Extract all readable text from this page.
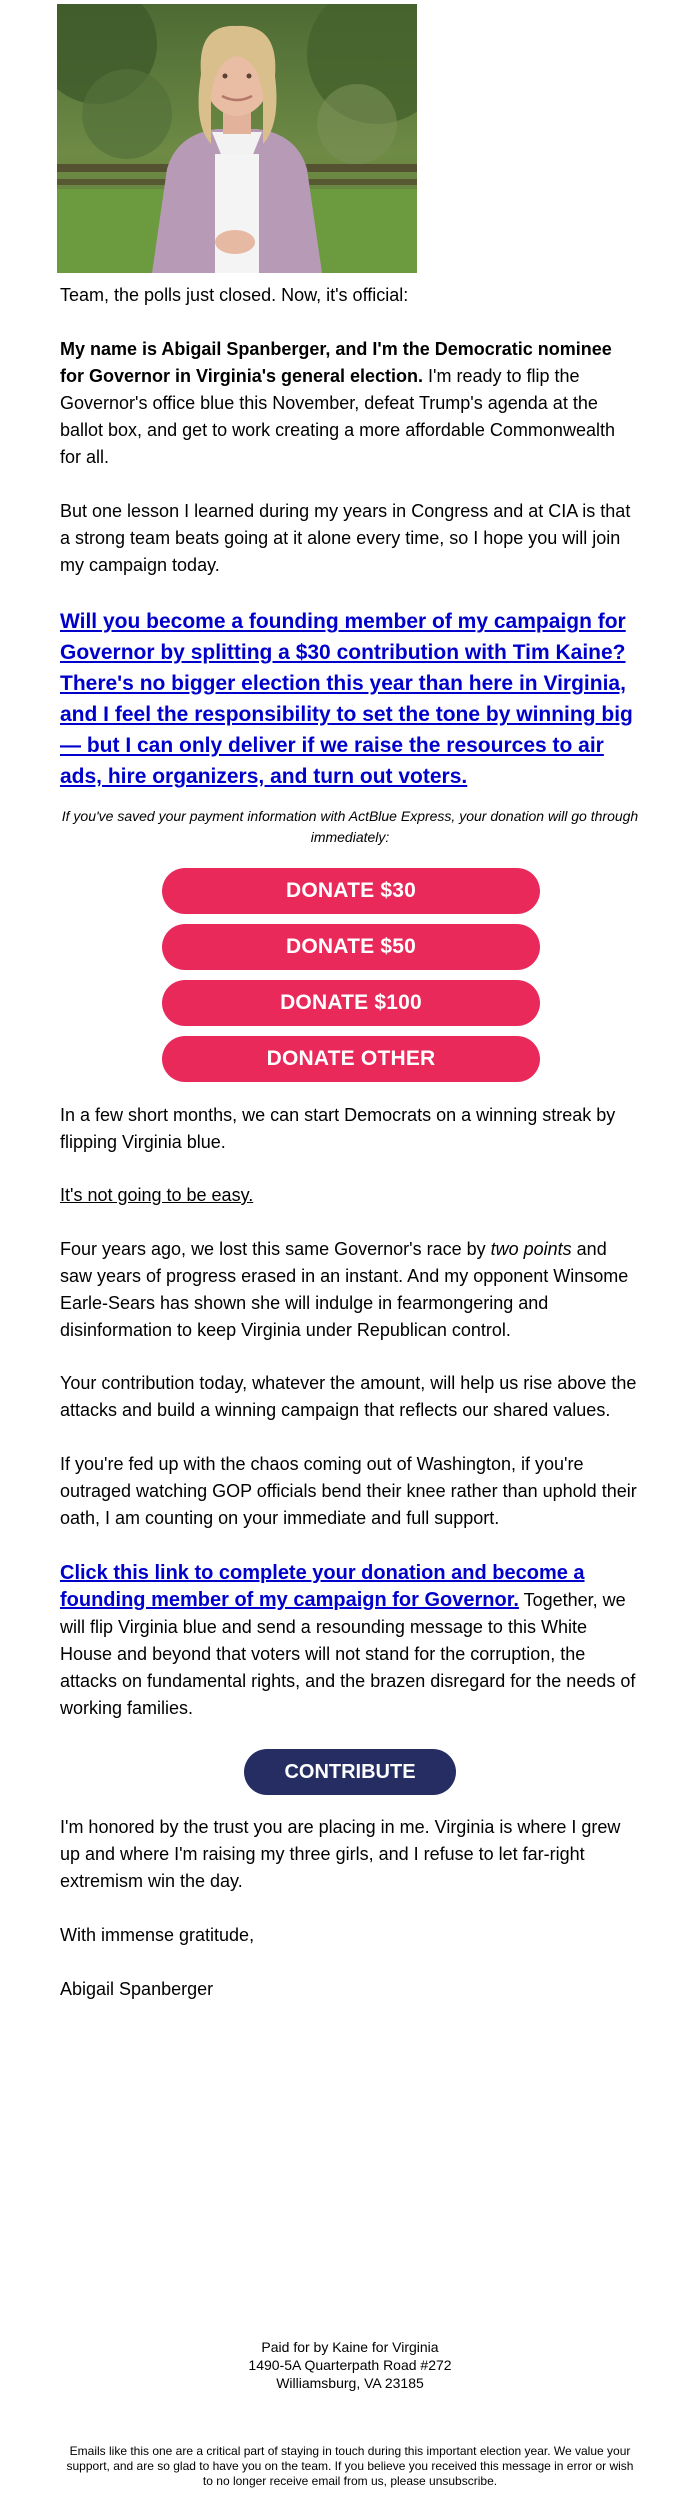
Team, the polls just closed. Now, it's official:

My name is Abigail Spanberger, and I'm the Democratic nominee for Governor in Virginia's general election. I'm ready to flip the Governor's office blue this November, defeat Trump's agenda at the ballot box, and get to work creating a more affordable Commonwealth for all.

But one lesson I learned during my years in Congress and at CIA is that a strong team beats going at it alone every time, so I hope you will join my campaign today.

Will you become a founding member of my campaign for Governor by splitting a $30 contribution with Tim Kaine? There's no bigger election this year than here in Virginia, and I feel the responsibility to set the tone by winning big — but I can only deliver if we raise the resources to air ads, hire organizers, and turn out voters.
If you've saved your payment information with ActBlue Express, your donation will go through immediately:
DONATE $30
DONATE $50
DONATE $100
DONATE OTHER

In a few short months, we can start Democrats on a winning streak by flipping Virginia blue.

It's not going to be easy.

Four years ago, we lost this same Governor's race by two points and saw years of progress erased in an instant. And my opponent Winsome Earle-Sears has shown she will indulge in fearmongering and disinformation to keep Virginia under Republican control.

Your contribution today, whatever the amount, will help us rise above the attacks and build a winning campaign that reflects our shared values.

If you're fed up with the chaos coming out of Washington, if you're outraged watching GOP officials bend their knee rather than uphold their oath, I am counting on your immediate and full support.

Click this link to complete your donation and become a founding member of my campaign for Governor. Together, we will flip Virginia blue and send a resounding message to this White House and beyond that voters will not stand for the corruption, the attacks on fundamental rights, and the brazen disregard for the needs of working families.

CONTRIBUTE

I'm honored by the trust you are placing in me. Virginia is where I grew up and where I'm raising my three girls, and I refuse to let far-right extremism win the day.

With immense gratitude,

Abigail Spanberger

Paid for by Kaine for Virginia
1490-5A Quarterpath Road #272
Williamsburg, VA 23185
Emails like this one are a critical part of staying in touch during this important election year. We value your support, and are so glad to have you on the team. If you believe you received this message in error or wish to no longer receive email from us, please unsubscribe.
